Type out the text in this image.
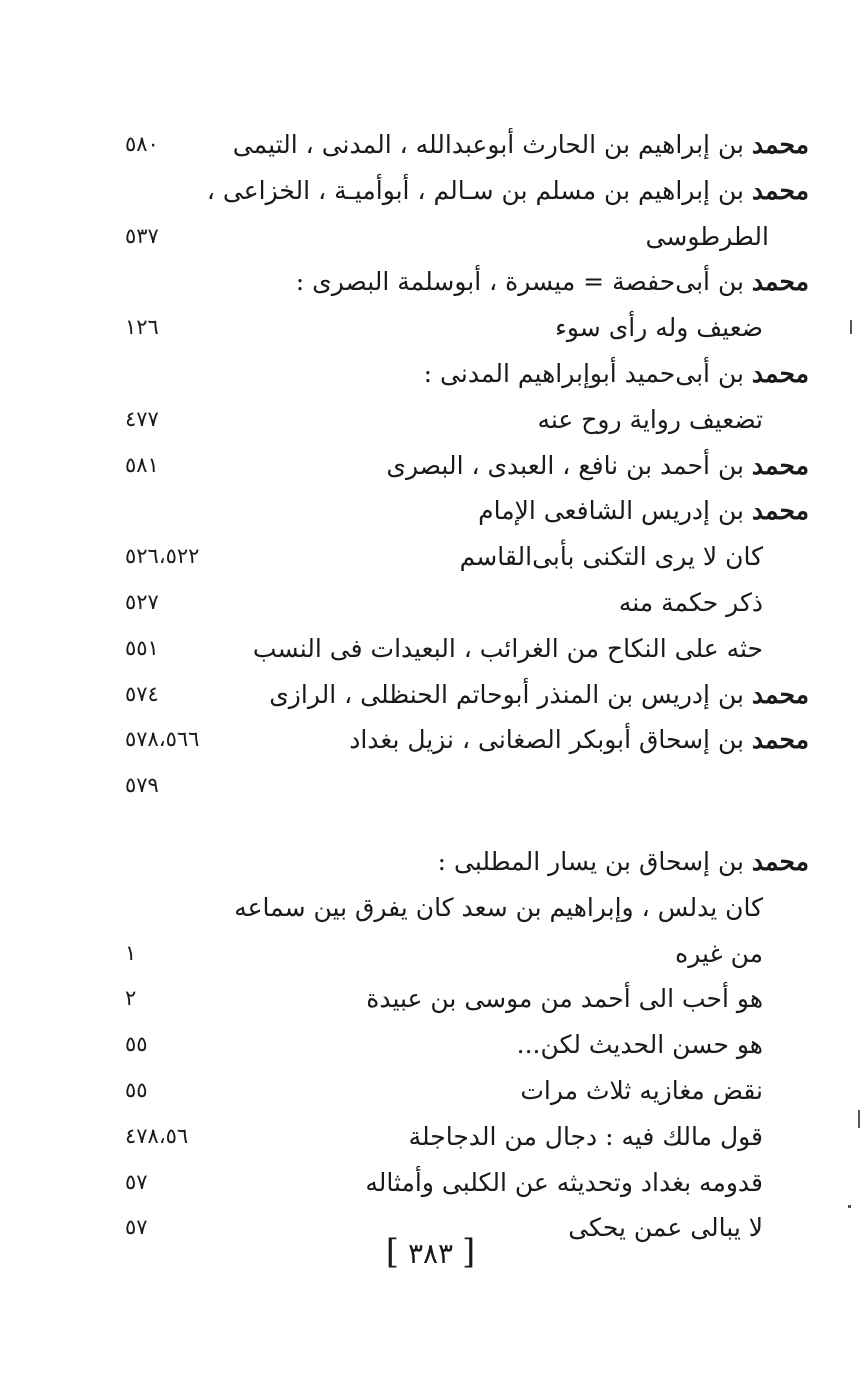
محمد بن إبراهيم بن الحارث أبوعبدالله ، المدنى ، التيمى
٥٨٠
محمد بن إبراهيم بن مسلم بن سـالم ، أبوأميـة ، الخزاعى ،
الطرطوسى
٥٣٧
محمد بن أبى‌حفصة = ميسرة ، أبوسلمة البصرى :
ضعيف وله رأى سوء
١٢٦
محمد بن أبى‌حميد أبوإبراهيم المدنى :
تضعيف رواية روح عنه
٤٧٧
محمد بن أحمد بن نافع ، العبدى ، البصرى
٥٨١
محمد بن إدريس الشافعى الإمام
كان لا يرى التكنى بأبى‌القاسم
٥٢٦،٥٢٢
ذكر حكمة منه
٥٢٧
حثه على النكاح من الغرائب ، البعيدات فى النسب
٥٥١
محمد بن إدريس بن المنذر أبوحاتم الحنظلى ، الرازى
٥٧٤
محمد بن إسحاق أبوبكر الصغانى ، نزيل بغداد
٥٧٨،٥٦٦
٥٧٩
محمد بن إسحاق بن يسار المطلبى :
كان يدلس ، وإبراهيم بن سعد كان يفرق بين سماعه
من غيره
١
هو أحب الى أحمد من موسى بن عبيدة
٢
هو حسن الحديث لكن...
٥٥
نقض مغازيه ثلاث مرات
٥٥
قول مالك فيه : دجال من الدجاجلة
٤٧٨،٥٦
قدومه بغداد وتحديثه عن الكلبى وأمثاله
٥٧
لا يبالى عمن يحكى
٥٧
[ ٣٨٣ ]
